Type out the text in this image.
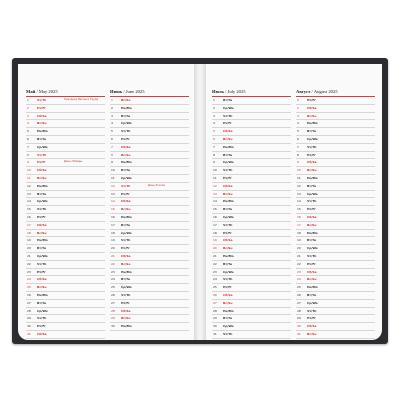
Май / May 2025
1	Чт/Th	Праздник Весны и Труда
2	Пт/Fr
3	Сб/Sa
4	Вс/Su
5	Пн/Mo
6	Вт/Tu
7	Ср/We
8	Чт/Th
9	Пт/Fr	День Победы
10	Сб/Sa
11	Вс/Su
12	Пн/Mo
13	Вт/Tu
14	Ср/We
15	Чт/Th
16	Пт/Fr
17	Сб/Sa
18	Вс/Su
19	Пн/Mo
20	Вт/Tu
21	Ср/We
22	Чт/Th
23	Пт/Fr
24	Сб/Sa
25	Вс/Su
26	Пн/Mo
27	Вт/Tu
28	Ср/We
29	Чт/Th
30	Пт/Fr
31	Сб/Sa
Июнь / June 2025
1	Вс/Su
2	Пн/Mo
3	Вт/Tu
4	Ср/We
5	Чт/Th
6	Пт/Fr
7	Сб/Sa
8	Вс/Su
9	Пн/Mo
10	Вт/Tu
11	Ср/We
12	Чт/Th	День России
13	Пт/Fr
14	Сб/Sa
15	Вс/Su
16	Пн/Mo
17	Вт/Tu
18	Ср/We
19	Чт/Th
20	Пт/Fr
21	Сб/Sa
22	Вс/Su
23	Пн/Mo
24	Вт/Tu
25	Ср/We
26	Чт/Th
27	Пт/Fr
28	Сб/Sa
29	Вс/Su
30	Пн/Mo
Июль / July 2025
1	Вт/Tu
2	Ср/We
3	Чт/Th
4	Пт/Fr
5	Сб/Sa
6	Вс/Su
7	Пн/Mo
8	Вт/Tu
9	Ср/We
10	Чт/Th
11	Пт/Fr
12	Сб/Sa
13	Вс/Su
14	Пн/Mo
15	Вт/Tu
16	Ср/We
17	Чт/Th
18	Пт/Fr
19	Сб/Sa
20	Вс/Su
21	Пн/Mo
22	Вт/Tu
23	Ср/We
24	Чт/Th
25	Пт/Fr
26	Сб/Sa
27	Вс/Su
28	Пн/Mo
29	Вт/Tu
30	Ср/We
31	Чт/Th
Август / August 2025
1	Пт/Fr
2	Сб/Sa
3	Вс/Su
4	Пн/Mo
5	Вт/Tu
6	Ср/We
7	Чт/Th
8	Пт/Fr
9	Сб/Sa
10	Вс/Su
11	Пн/Mo
12	Вт/Tu
13	Ср/We
14	Чт/Th
15	Пт/Fr
16	Сб/Sa
17	Вс/Su
18	Пн/Mo
19	Вт/Tu
20	Ср/We
21	Чт/Th
22	Пт/Fr
23	Сб/Sa
24	Вс/Su
25	Пн/Mo
26	Вт/Tu
27	Ср/We
28	Чт/Th
29	Пт/Fr
30	Сб/Sa
31	Вс/Su
